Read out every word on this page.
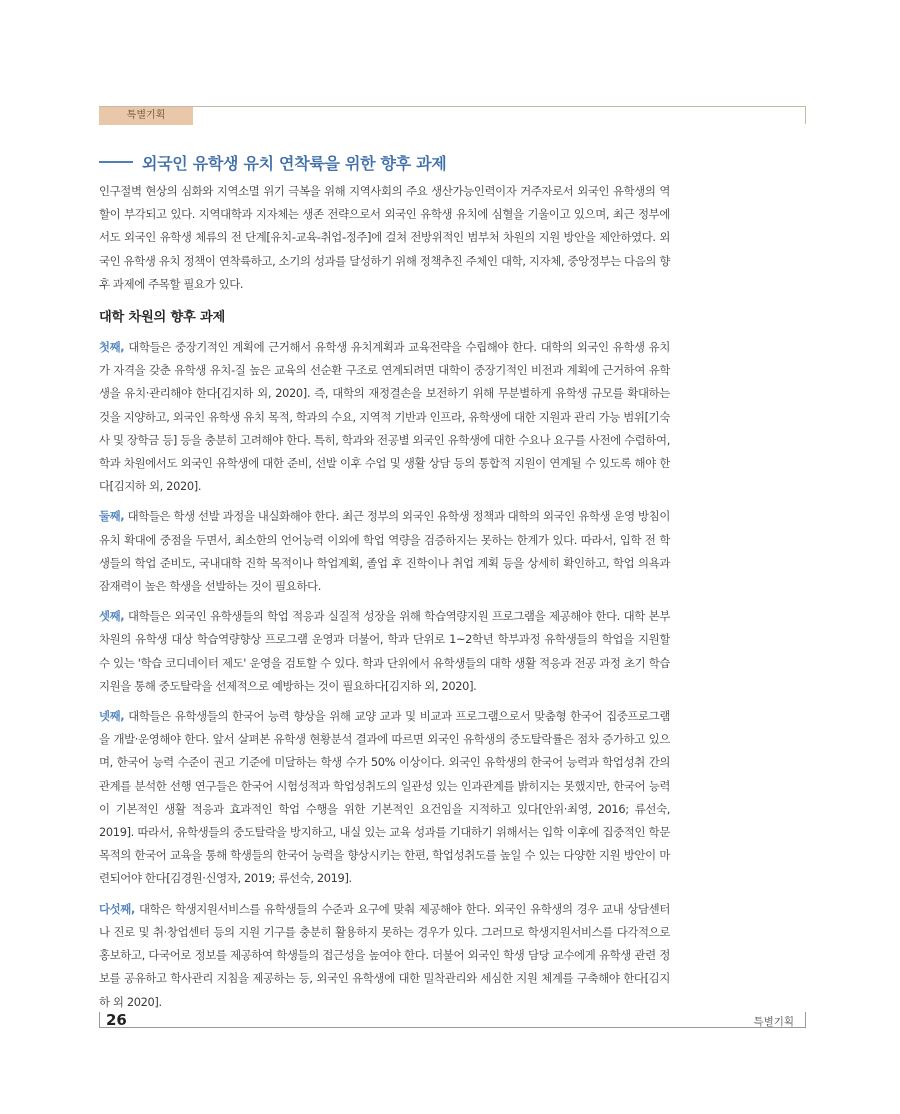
특별기획
외국인 유학생 유치 연착륙을 위한 향후 과제

인구절벽 현상의 심화와 지역소멸 위기 극복을 위해 지역사회의 주요 생산가능인력이자 거주자로서 외국인 유학생의 역할이 부각되고 있다. 지역대학과 지자체는 생존 전략으로서 외국인 유학생 유치에 심혈을 기울이고 있으며, 최근 정부에서도 외국인 유학생 체류의 전 단계[유치-교육-취업-정주]에 걸쳐 전방위적인 범부처 차원의 지원 방안을 제안하였다. 외국인 유학생 유치 정책이 연착륙하고, 소기의 성과를 달성하기 위해 정책추진 주체인 대학, 지자체, 중앙정부는 다음의 향후 과제에 주목할 필요가 있다.

대학 차원의 향후 과제

첫째, 대학들은 중장기적인 계획에 근거해서 유학생 유치계획과 교육전략을 수립해야 한다. 대학의 외국인 유학생 유치가 자격을 갖춘 유학생 유치-질 높은 교육의 선순환 구조로 연계되려면 대학이 중장기적인 비전과 계획에 근거하여 유학생을 유치·관리해야 한다[김지하 외, 2020]. 즉, 대학의 재정결손을 보전하기 위해 무분별하게 유학생 규모를 확대하는 것을 지양하고, 외국인 유학생 유치 목적, 학과의 수요, 지역적 기반과 인프라, 유학생에 대한 지원과 관리 가능 범위[기숙사 및 장학금 등] 등을 충분히 고려해야 한다. 특히, 학과와 전공별 외국인 유학생에 대한 수요나 요구를 사전에 수렴하여, 학과 차원에서도 외국인 유학생에 대한 준비, 선발 이후 수업 및 생활 상담 등의 통합적 지원이 연계될 수 있도록 해야 한다[김지하 외, 2020].

둘째, 대학들은 학생 선발 과정을 내실화해야 한다. 최근 정부의 외국인 유학생 정책과 대학의 외국인 유학생 운영 방침이 유치 확대에 중점을 두면서, 최소한의 언어능력 이외에 학업 역량을 검증하지는 못하는 한계가 있다. 따라서, 입학 전 학생들의 학업 준비도, 국내대학 진학 목적이나 학업계획, 졸업 후 진학이나 취업 계획 등을 상세히 확인하고, 학업 의욕과 잠재력이 높은 학생을 선발하는 것이 필요하다.

셋째, 대학들은 외국인 유학생들의 학업 적응과 실질적 성장을 위해 학습역량지원 프로그램을 제공해야 한다. 대학 본부 차원의 유학생 대상 학습역량향상 프로그램 운영과 더불어, 학과 단위로 1~2학년 학부과정 유학생들의 학업을 지원할 수 있는 '학습 코디네이터 제도' 운영을 검토할 수 있다. 학과 단위에서 유학생들의 대학 생활 적응과 전공 과정 초기 학습 지원을 통해 중도탈락을 선제적으로 예방하는 것이 필요하다[김지하 외, 2020].

넷째, 대학들은 유학생들의 한국어 능력 향상을 위해 교양 교과 및 비교과 프로그램으로서 맞춤형 한국어 집중프로그램을 개발·운영해야 한다. 앞서 살펴본 유학생 현황분석 결과에 따르면 외국인 유학생의 중도탈락률은 점차 증가하고 있으며, 한국어 능력 수준이 권고 기준에 미달하는 학생 수가 50% 이상이다. 외국인 유학생의 한국어 능력과 학업성취 간의 관계를 분석한 선행 연구들은 한국어 시험성적과 학업성취도의 일관성 있는 인과관계를 밝히지는 못했지만, 한국어 능력이 기본적인 생활 적응과 효과적인 학업 수행을 위한 기본적인 요건임을 지적하고 있다[안위·최영, 2016; 류선숙, 2019]. 따라서, 유학생들의 중도탈락을 방지하고, 내실 있는 교육 성과를 기대하기 위해서는 입학 이후에 집중적인 학문 목적의 한국어 교육을 통해 학생들의 한국어 능력을 향상시키는 한편, 학업성취도를 높일 수 있는 다양한 지원 방안이 마련되어야 한다[김경원·신영자, 2019; 류선숙, 2019].

다섯째, 대학은 학생지원서비스를 유학생들의 수준과 요구에 맞춰 제공해야 한다. 외국인 유학생의 경우 교내 상담센터나 진로 및 취·창업센터 등의 지원 기구를 충분히 활용하지 못하는 경우가 있다. 그러므로 학생지원서비스를 다각적으로 홍보하고, 다국어로 정보를 제공하여 학생들의 접근성을 높여야 한다. 더불어 외국인 학생 담당 교수에게 유학생 관련 정보를 공유하고 학사관리 지침을 제공하는 등, 외국인 유학생에 대한 밀착관리와 세심한 지원 체계를 구축해야 한다[김지하 외 2020].

26	특별기획
